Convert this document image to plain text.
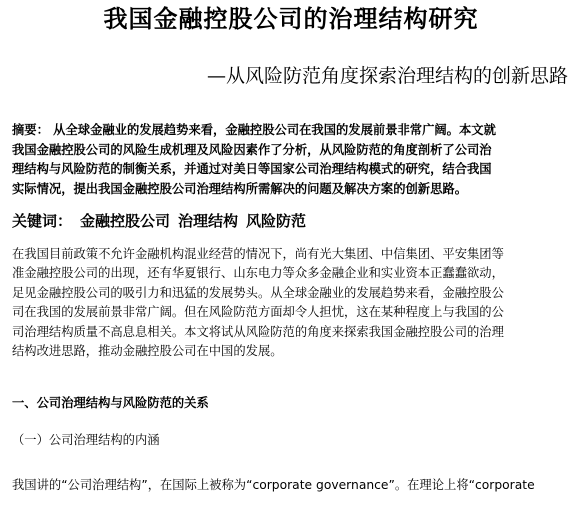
我国金融控股公司的治理结构研究
—从风险防范角度探索治理结构的创新思路
摘要： 从全球金融业的发展趋势来看，金融控股公司在我国的发展前景非常广阔。本文就
我国金融控股公司的风险生成机理及风险因素作了分析，从风险防范的角度剖析了公司治
理结构与风险防范的制衡关系，并通过对美日等国家公司治理结构模式的研究，结合我国
实际情况，提出我国金融控股公司治理结构所需解决的问题及解决方案的创新思路。
关键词： 金融控股公司 治理结构 风险防范
在我国目前政策不允许金融机构混业经营的情况下，尚有光大集团、中信集团、平安集团等
准金融控股公司的出现，还有华夏银行、山东电力等众多金融企业和实业资本正蠢蠢欲动，
足见金融控股公司的吸引力和迅猛的发展势头。从全球金融业的发展趋势来看，金融控股公
司在我国的发展前景非常广阔。但在风险防范方面却令人担忧，这在某种程度上与我国的公
司治理结构质量不高息息相关。本文将试从风险防范的角度来探索我国金融控股公司的治理
结构改进思路，推动金融控股公司在中国的发展。
一、公司治理结构与风险防范的关系
（一）公司治理结构的内涵
我国讲的“公司治理结构”，在国际上被称为“corporate governance”。在理论上将“corporate
